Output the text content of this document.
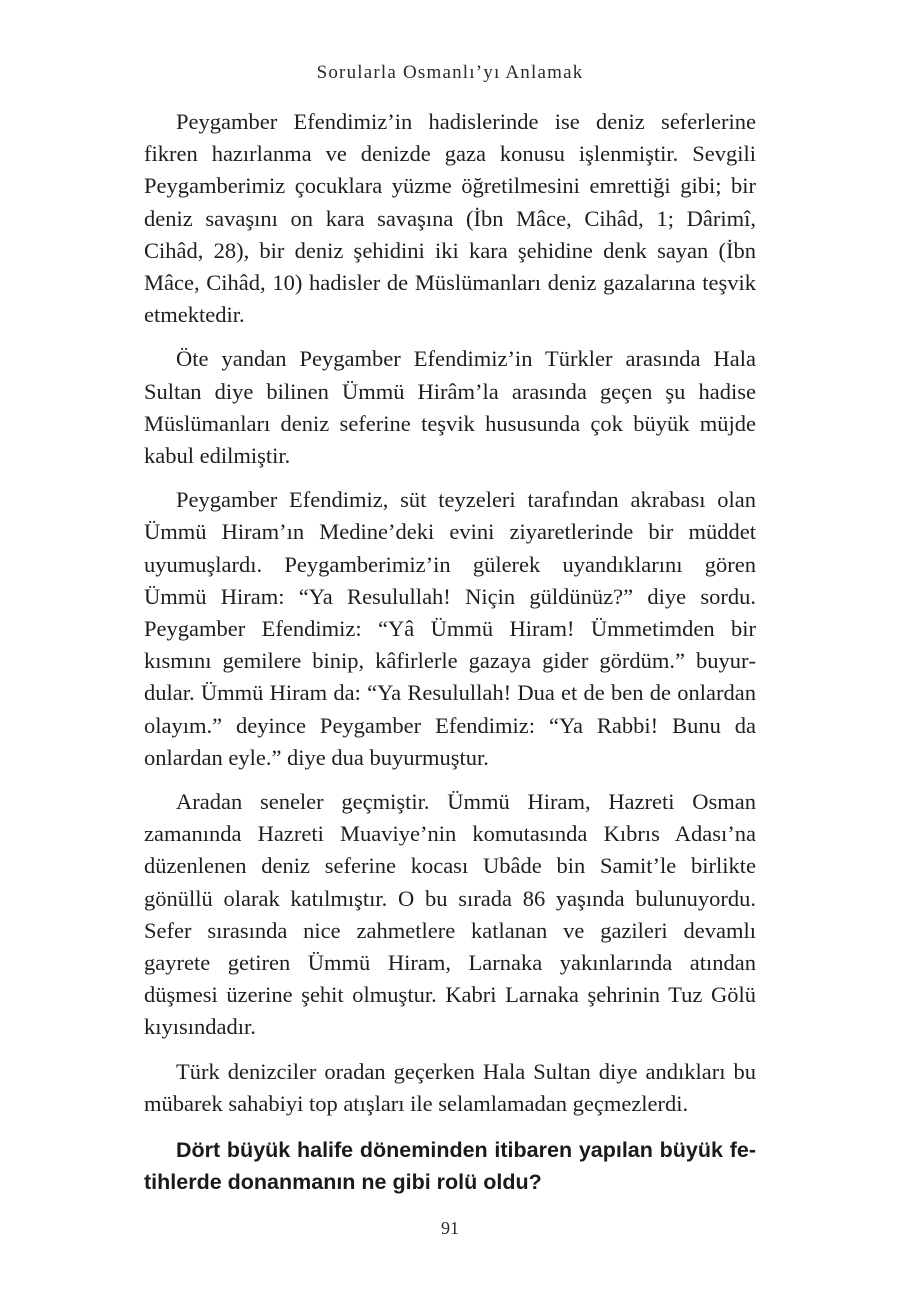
Sorularla Osmanlı’yı Anlamak

Peygamber Efendimiz’in hadislerinde ise deniz seferlerine fikren hazırlanma ve denizde gaza konusu işlenmiştir. Sevgili Peygamberimiz çocuklara yüzme öğretilmesini emrettiği gibi; bir deniz savaşını on kara savaşına (İbn Mâce, Cihâd, 1; Dârimî, Cihâd, 28), bir deniz şehidini iki kara şehidine denk sayan (İbn Mâce, Cihâd, 10) hadisler de Müslümanları deniz gazalarına teşvik etmektedir.

Öte yandan Peygamber Efendimiz’in Türkler arasında Hala Sultan diye bilinen Ümmü Hirâm’la arasında geçen şu hadise Müslümanları deniz seferine teşvik hususunda çok büyük müjde kabul edilmiştir.

Peygamber Efendimiz, süt teyzeleri tarafından akrabası olan Ümmü Hiram’ın Medine’deki evini ziyaretlerinde bir müddet uyumuşlardı. Peygamberimiz’in gülerek uyandıklarını gören Ümmü Hiram: “Ya Resulullah! Niçin güldünüz?” diye sordu. Peygamber Efendimiz: “Yâ Ümmü Hiram! Ümmetimden bir kısmını gemilere binip, kâfirlerle gazaya gider gördüm.” buyurdular. Ümmü Hiram da: “Ya Resulullah! Dua et de ben de onlardan olayım.” deyince Peygamber Efendimiz: “Ya Rabbi! Bunu da onlardan eyle.” diye dua buyurmuştur.

Aradan seneler geçmiştir. Ümmü Hiram, Hazreti Osman zamanında Hazreti Muaviye’nin komutasında Kıbrıs Adası’na düzenlenen deniz seferine kocası Ubâde bin Samit’le birlikte gönüllü olarak katılmıştır. O bu sırada 86 yaşında bulunuyordu. Sefer sırasında nice zahmetlere katlanan ve gazileri devamlı gayrete getiren Ümmü Hiram, Larnaka yakınlarında atından düşmesi üzerine şehit olmuştur. Kabri Larnaka şehrinin Tuz Gölü kıyısındadır.

Türk denizciler oradan geçerken Hala Sultan diye andıkları bu mübarek sahabiyi top atışları ile selamlamadan geçmezlerdi.

Dört büyük halife döneminden itibaren yapılan büyük fetihlerde donanmanın ne gibi rolü oldu?
91
